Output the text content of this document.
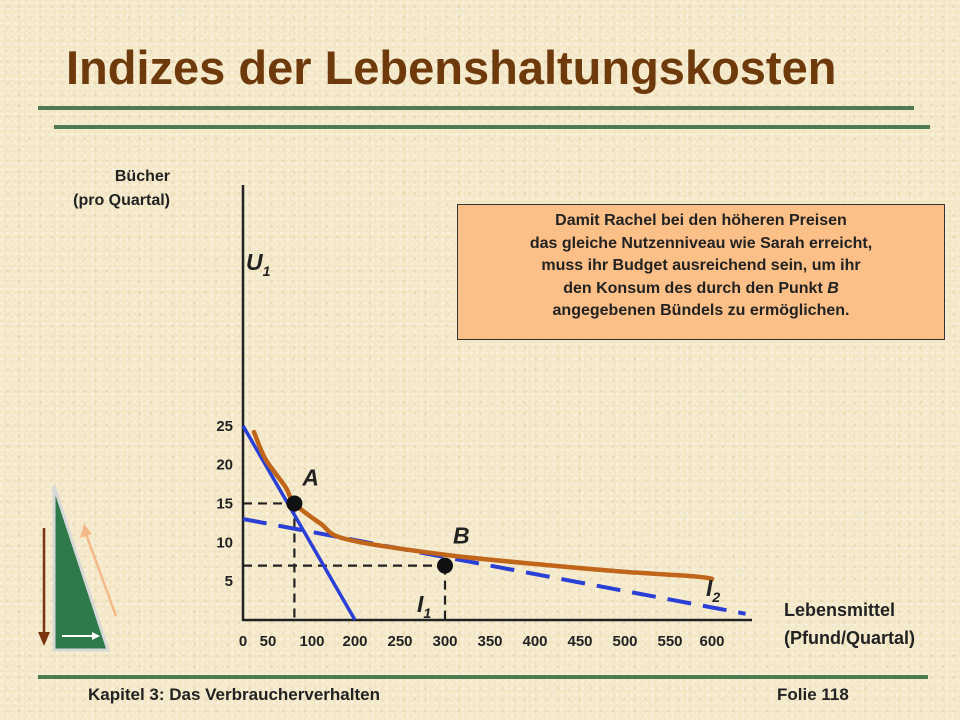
Indizes der Lebenshaltungskosten
Bücher
(pro Quartal)
Lebensmittel
(Pfund/Quartal)
Damit Rachel bei den höheren Preisen
das gleiche Nutzenniveau wie Sarah erreicht,
muss ihr Budget ausreichend sein, um ihr
den Konsum des durch den Punkt B
angegebenen Bündels zu ermöglichen.
5
10
15
20
25
0 50 100 200 250 300 350 400 450 500 550 600
A
B
$U_1$
$I_1$
$I_2$
Kapitel 3: Das Verbraucherverhalten	Folie 118
